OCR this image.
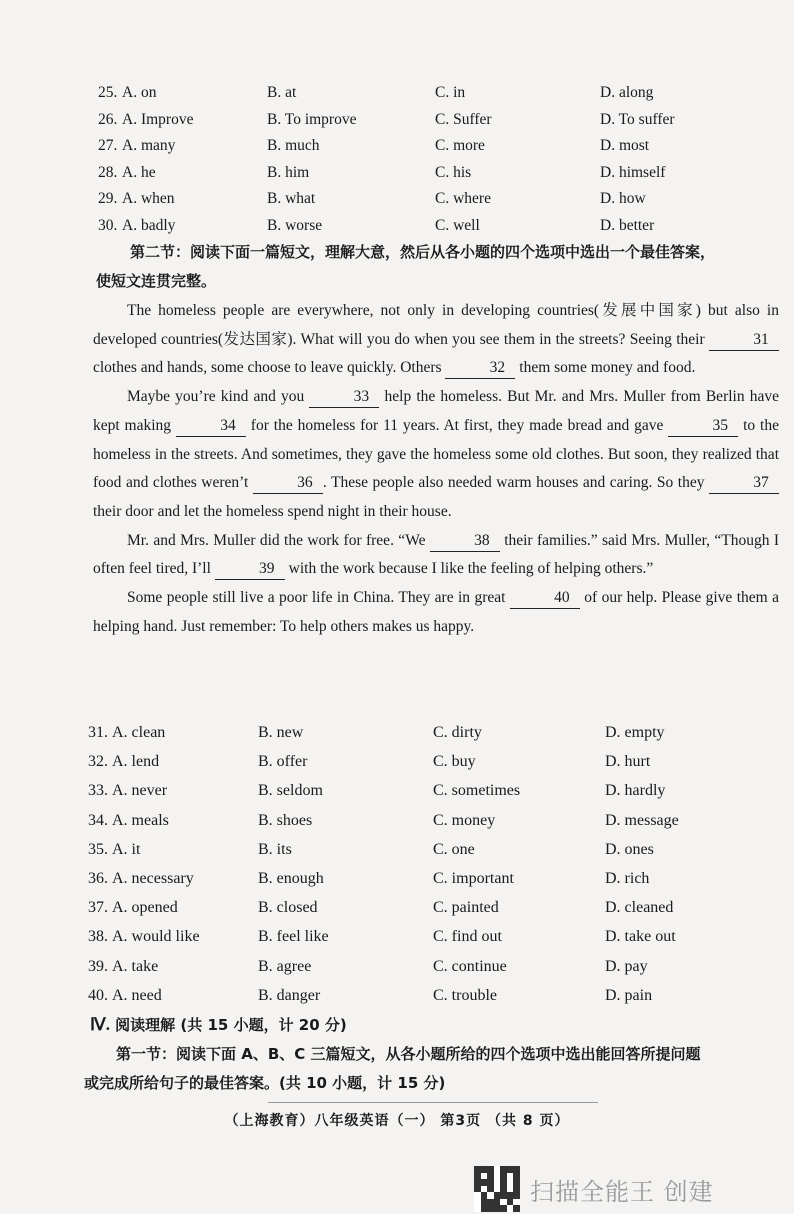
25. A. on	B. at	C. in	D. along
26. A. Improve	B. To improve	C. Suffer	D. To suffer
27. A. many	B. much	C. more	D. most
28. A. he	B. him	C. his	D. himself
29. A. when	B. what	C. where	D. how
30. A. badly	B. worse	C. well	D. better
第二节：阅读下面一篇短文，理解大意，然后从各小题的四个选项中选出一个最佳答案，
使短文连贯完整。

The homeless people are everywhere, not only in developing countries(发展中国家) but also in developed countries(发达国家). What will you do when you see them in the streets? Seeing their	31 clothes and hands, some choose to leave quickly. Others	32 them some money and food.

Maybe you’re kind and you	33 help the homeless. But Mr. and Mrs. Muller from Berlin have kept making	34 for the homeless for 11 years. At first, they made bread and gave	35 to the homeless in the streets. And sometimes, they gave the homeless some old clothes. But soon, they realized that food and clothes weren’t	36 . These people also needed warm houses and caring. So they	37 their door and let the homeless spend night in their house.

Mr. and Mrs. Muller did the work for free. “We	38 their families.” said Mrs. Muller, “Though I often feel tired, I’ll	39 with the work because I like the feeling of helping others.”

Some people still live a poor life in China. They are in great	40 of our help. Please give them a helping hand. Just remember: To help others makes us happy.

31. A. clean	B. new	C. dirty	D. empty
32. A. lend	B. offer	C. buy	D. hurt
33. A. never	B. seldom	C. sometimes	D. hardly
34. A. meals	B. shoes	C. money	D. message
35. A. it	B. its	C. one	D. ones
36. A. necessary	B. enough	C. important	D. rich
37. A. opened	B. closed	C. painted	D. cleaned
38. A. would like	B. feel like	C. find out	D. take out
39. A. take	B. agree	C. continue	D. pay
40. A. need	B. danger	C. trouble	D. pain
Ⅳ. 阅读理解 (共 15 小题，计 20 分)
第一节：阅读下面 A、B、C 三篇短文，从各小题所给的四个选项中选出能回答所提问题
或完成所给句子的最佳答案。(共 10 小题，计 15 分)
（上海教育）八年级英语（一） 第3页 （共 8 页）
扫描全能王 创建
